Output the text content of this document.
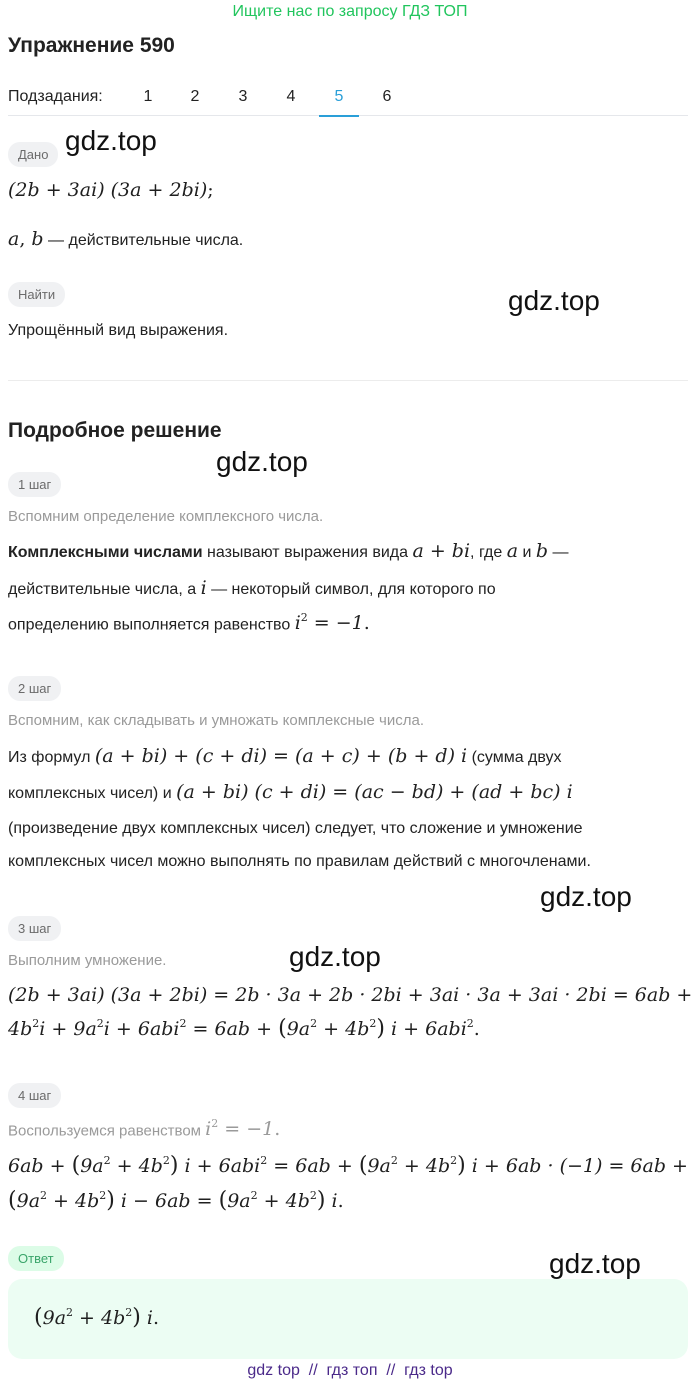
Ищите нас по запросу ГДЗ ТОП
Упражнение 590
Подзадания:	1	2	3	4	5	6
Дано
(2b + 3ai) (3a + 2bi);
a, b — действительные числа.
Найти
Упрощённый вид выражения.
Подробное решение
1 шаг
Вспомним определение комплексного числа.
Комплексными числами называют выражения вида a + bi, где a и b —
действительные числа, а i — некоторый символ, для которого по
определению выполняется равенство $i^2 = -1$.
2 шаг
Вспомним, как складывать и умножать комплексные числа.
Из формул (a + bi) + (c + di) = (a + c) + (b + d) i (сумма двух
комплексных чисел) и (a + bi) (c + di) = (ac − bd) + (ad + bc) i
(произведение двух комплексных чисел) следует, что сложение и умножение
комплексных чисел можно выполнять по правилам действий с многочленами.
3 шаг
Выполним умножение.
(2b + 3ai) (3a + 2bi) = 2b · 3a + 2b · 2bi + 3ai · 3a + 3ai · 2bi = 6ab +
$4b^2i + 9a^2i + 6abi^2 = 6ab + (9a^2 + 4b^2) i + 6abi^2$.
4 шаг
Воспользуемся равенством $i^2 = -1$.
$6ab + (9a^2 + 4b^2) i + 6abi^2 = 6ab + (9a^2 + 4b^2) i + 6ab \cdot (-1) = 6ab$ +
$(9a^2 + 4b^2) i - 6ab = (9a^2 + 4b^2)$ i.
Ответ
$(9a^2 + 4b^2)$ i.
gdz.top
gdz.top
gdz.top
gdz.top
gdz.top
gdz.top
gdz top  //  гдз топ  //  гдз top
